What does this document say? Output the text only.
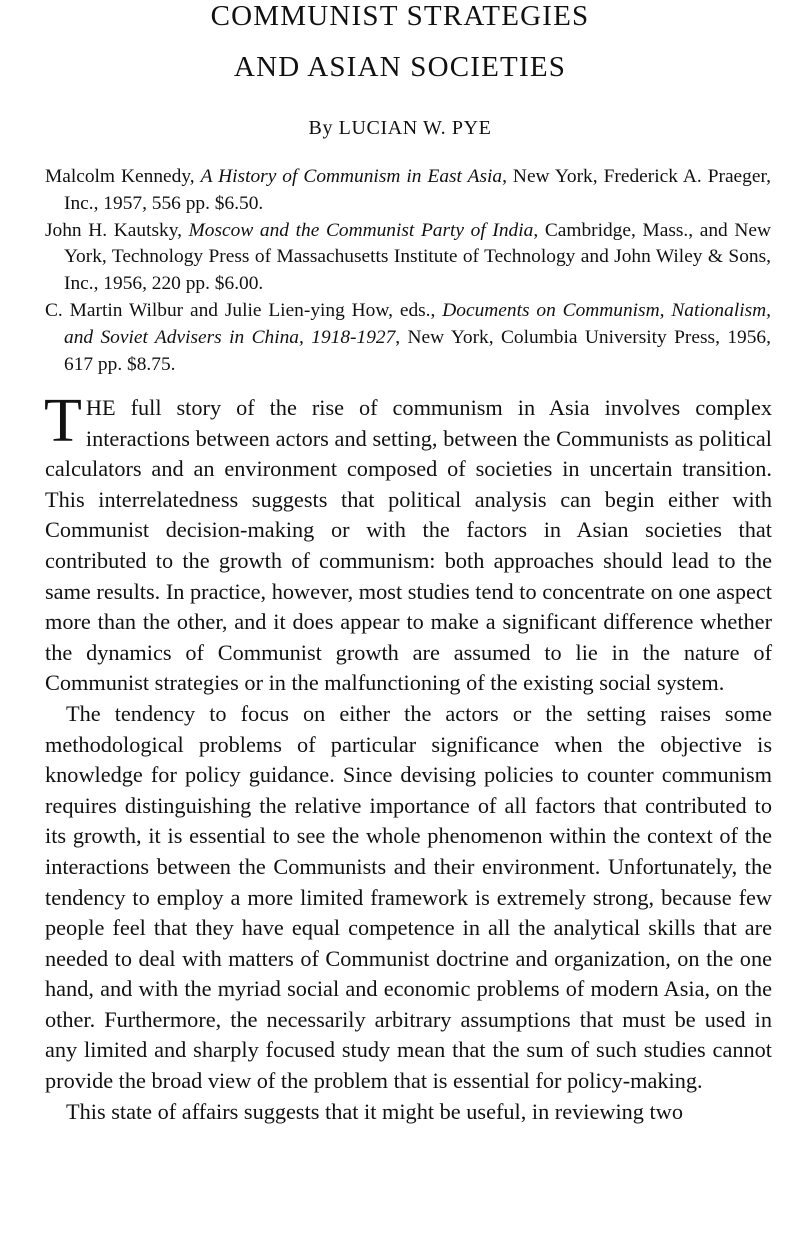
COMMUNIST STRATEGIES
AND ASIAN SOCIETIES
By LUCIAN W. PYE
Malcolm Kennedy, A History of Communism in East Asia, New York, Frederick A. Praeger, Inc., 1957, 556 pp. $6.50.
John H. Kautsky, Moscow and the Communist Party of India, Cambridge, Mass., and New York, Technology Press of Massachusetts Institute of Technology and John Wiley & Sons, Inc., 1956, 220 pp. $6.00.
C. Martin Wilbur and Julie Lien-ying How, eds., Documents on Communism, Nationalism, and Soviet Advisers in China, 1918-1927, New York, Columbia University Press, 1956, 617 pp. $8.75.

THE full story of the rise of communism in Asia involves complex interactions between actors and setting, between the Communists as political calculators and an environment composed of societies in uncertain transition. This interrelatedness suggests that political analysis can begin either with Communist decision-making or with the factors in Asian societies that contributed to the growth of communism: both approaches should lead to the same results. In practice, however, most studies tend to concentrate on one aspect more than the other, and it does appear to make a significant difference whether the dynamics of Communist growth are assumed to lie in the nature of Communist strategies or in the malfunctioning of the existing social system.

The tendency to focus on either the actors or the setting raises some methodological problems of particular significance when the objective is knowledge for policy guidance. Since devising policies to counter communism requires distinguishing the relative importance of all factors that contributed to its growth, it is essential to see the whole phenomenon within the context of the interactions between the Communists and their environment. Unfortunately, the tendency to employ a more limited framework is extremely strong, because few people feel that they have equal competence in all the analytical skills that are needed to deal with matters of Communist doctrine and organization, on the one hand, and with the myriad social and economic problems of modern Asia, on the other. Furthermore, the necessarily arbitrary assumptions that must be used in any limited and sharply focused study mean that the sum of such studies cannot provide the broad view of the problem that is essential for policy-making.

This state of affairs suggests that it might be useful, in reviewing two
